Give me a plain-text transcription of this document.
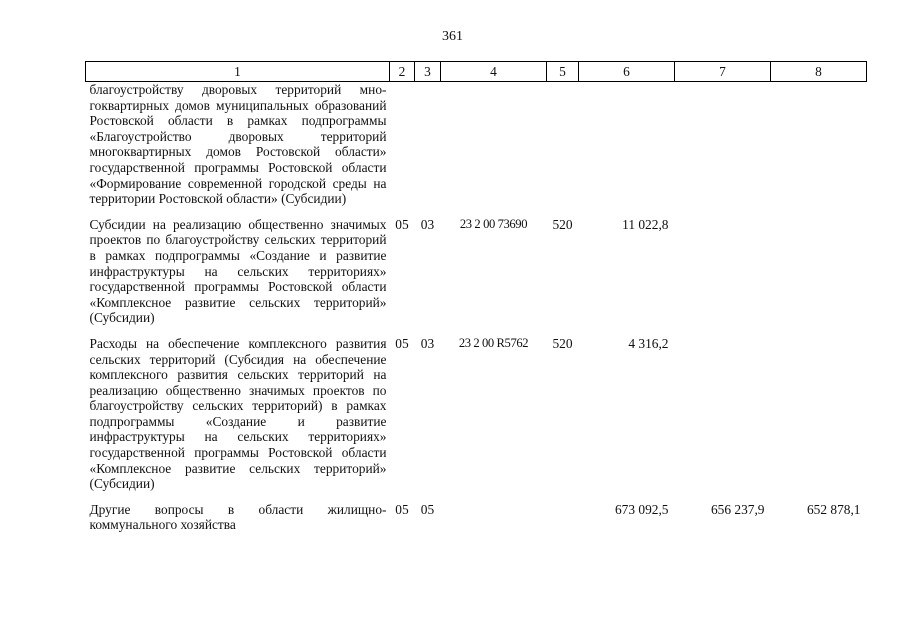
361
1	2	3	4	5	6	7	8
благоустройству дворовых территорий многоквартирных домов муниципальных образований Ростовской области в рамках подпрограммы «Благоустройство дворовых территорий многоквартирных домов Ростовской области» государственной программы Ростовской области «Формирование современной городской среды на территории Ростовской области» (Субсидии)							
Субсидии на реализацию общественно значимых проектов по благоустройству сельских территорий в рамках подпрограммы «Создание и развитие инфраструктуры на сельских территориях» государственной программы Ростовской области «Комплексное развитие сельских территорий» (Субсидии)	05	03	23 2 00 73690	520	11 022,8		
Расходы на обеспечение комплексного развития сельских территорий (Субсидия на обеспечение комплексного развития сельских территорий на реализацию общественно значимых проектов по благоустройству сельских территорий) в рамках подпрограммы «Создание и развитие инфраструктуры на сельских территориях» государственной программы Ростовской области «Комплексное развитие сельских территорий» (Субсидии)	05	03	23 2 00 R5762	520	4 316,2		
Другие вопросы в области жилищно-коммунального хозяйства	05	05			673 092,5	656 237,9	652 878,1
